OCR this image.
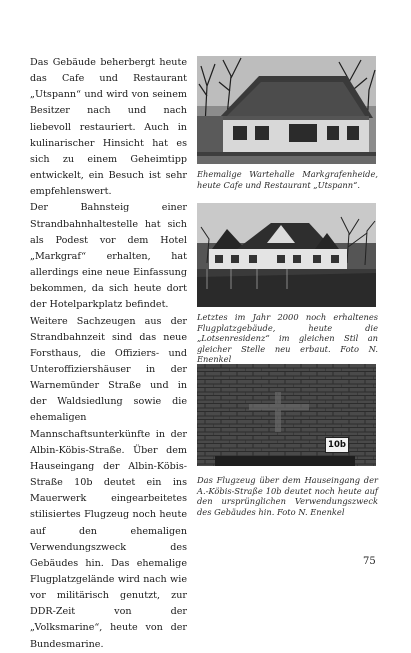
Das Gebäude beherbergt heute das Cafe und Restaurant „Utspann“ und wird von seinem Besitzer nach und nach liebevoll restauriert. Auch in kulinarischer Hinsicht hat es sich zu einem Geheimtipp entwickelt, ein Besuch ist sehr empfehlenswert.

Der Bahnsteig einer Strandbahnhaltestelle hat sich als Podest vor dem Hotel „Markgraf“ erhalten, hat allerdings eine neue Einfassung bekommen, da sich heute dort der Hotelparkplatz befindet.

Weitere Sachzeugen aus der Strandbahnzeit sind das neue Forsthaus, die Offiziers- und Unteroffiziershäuser in der Warnemünder Straße und in der Waldsiedlung sowie die ehemaligen Mannschaftsunterkünfte in der Albin-Köbis-Straße. Über dem Hauseingang der Albin-Köbis-Straße 10b deutet ein ins Mauerwerk eingearbeitetes stilisiertes Flugzeug noch heute auf den ehemaligen Verwendungszweck des Gebäudes hin. Das ehemalige Flugplatzgelände wird nach wie vor militärisch genutzt, zur DDR-Zeit von der „Volksmarine“, heute von der Bundesmarine.

Ehemalige Wartehalle Markgrafenheide, heute Cafe und Restaurant „Utspann“.
Letztes im Jahr 2000 noch erhaltenes Flugplatzgebäude, heute die „Lotsenresidenz“ im gleichen Stil an gleicher Stelle neu erbaut. Foto N. Enenkel
10b
Das Flugzeug über dem Hauseingang der A.-Köbis-Straße 10b deutet noch heute auf den ursprünglichen Verwendungszweck des Gebäudes hin. Foto N. Enenkel
75
